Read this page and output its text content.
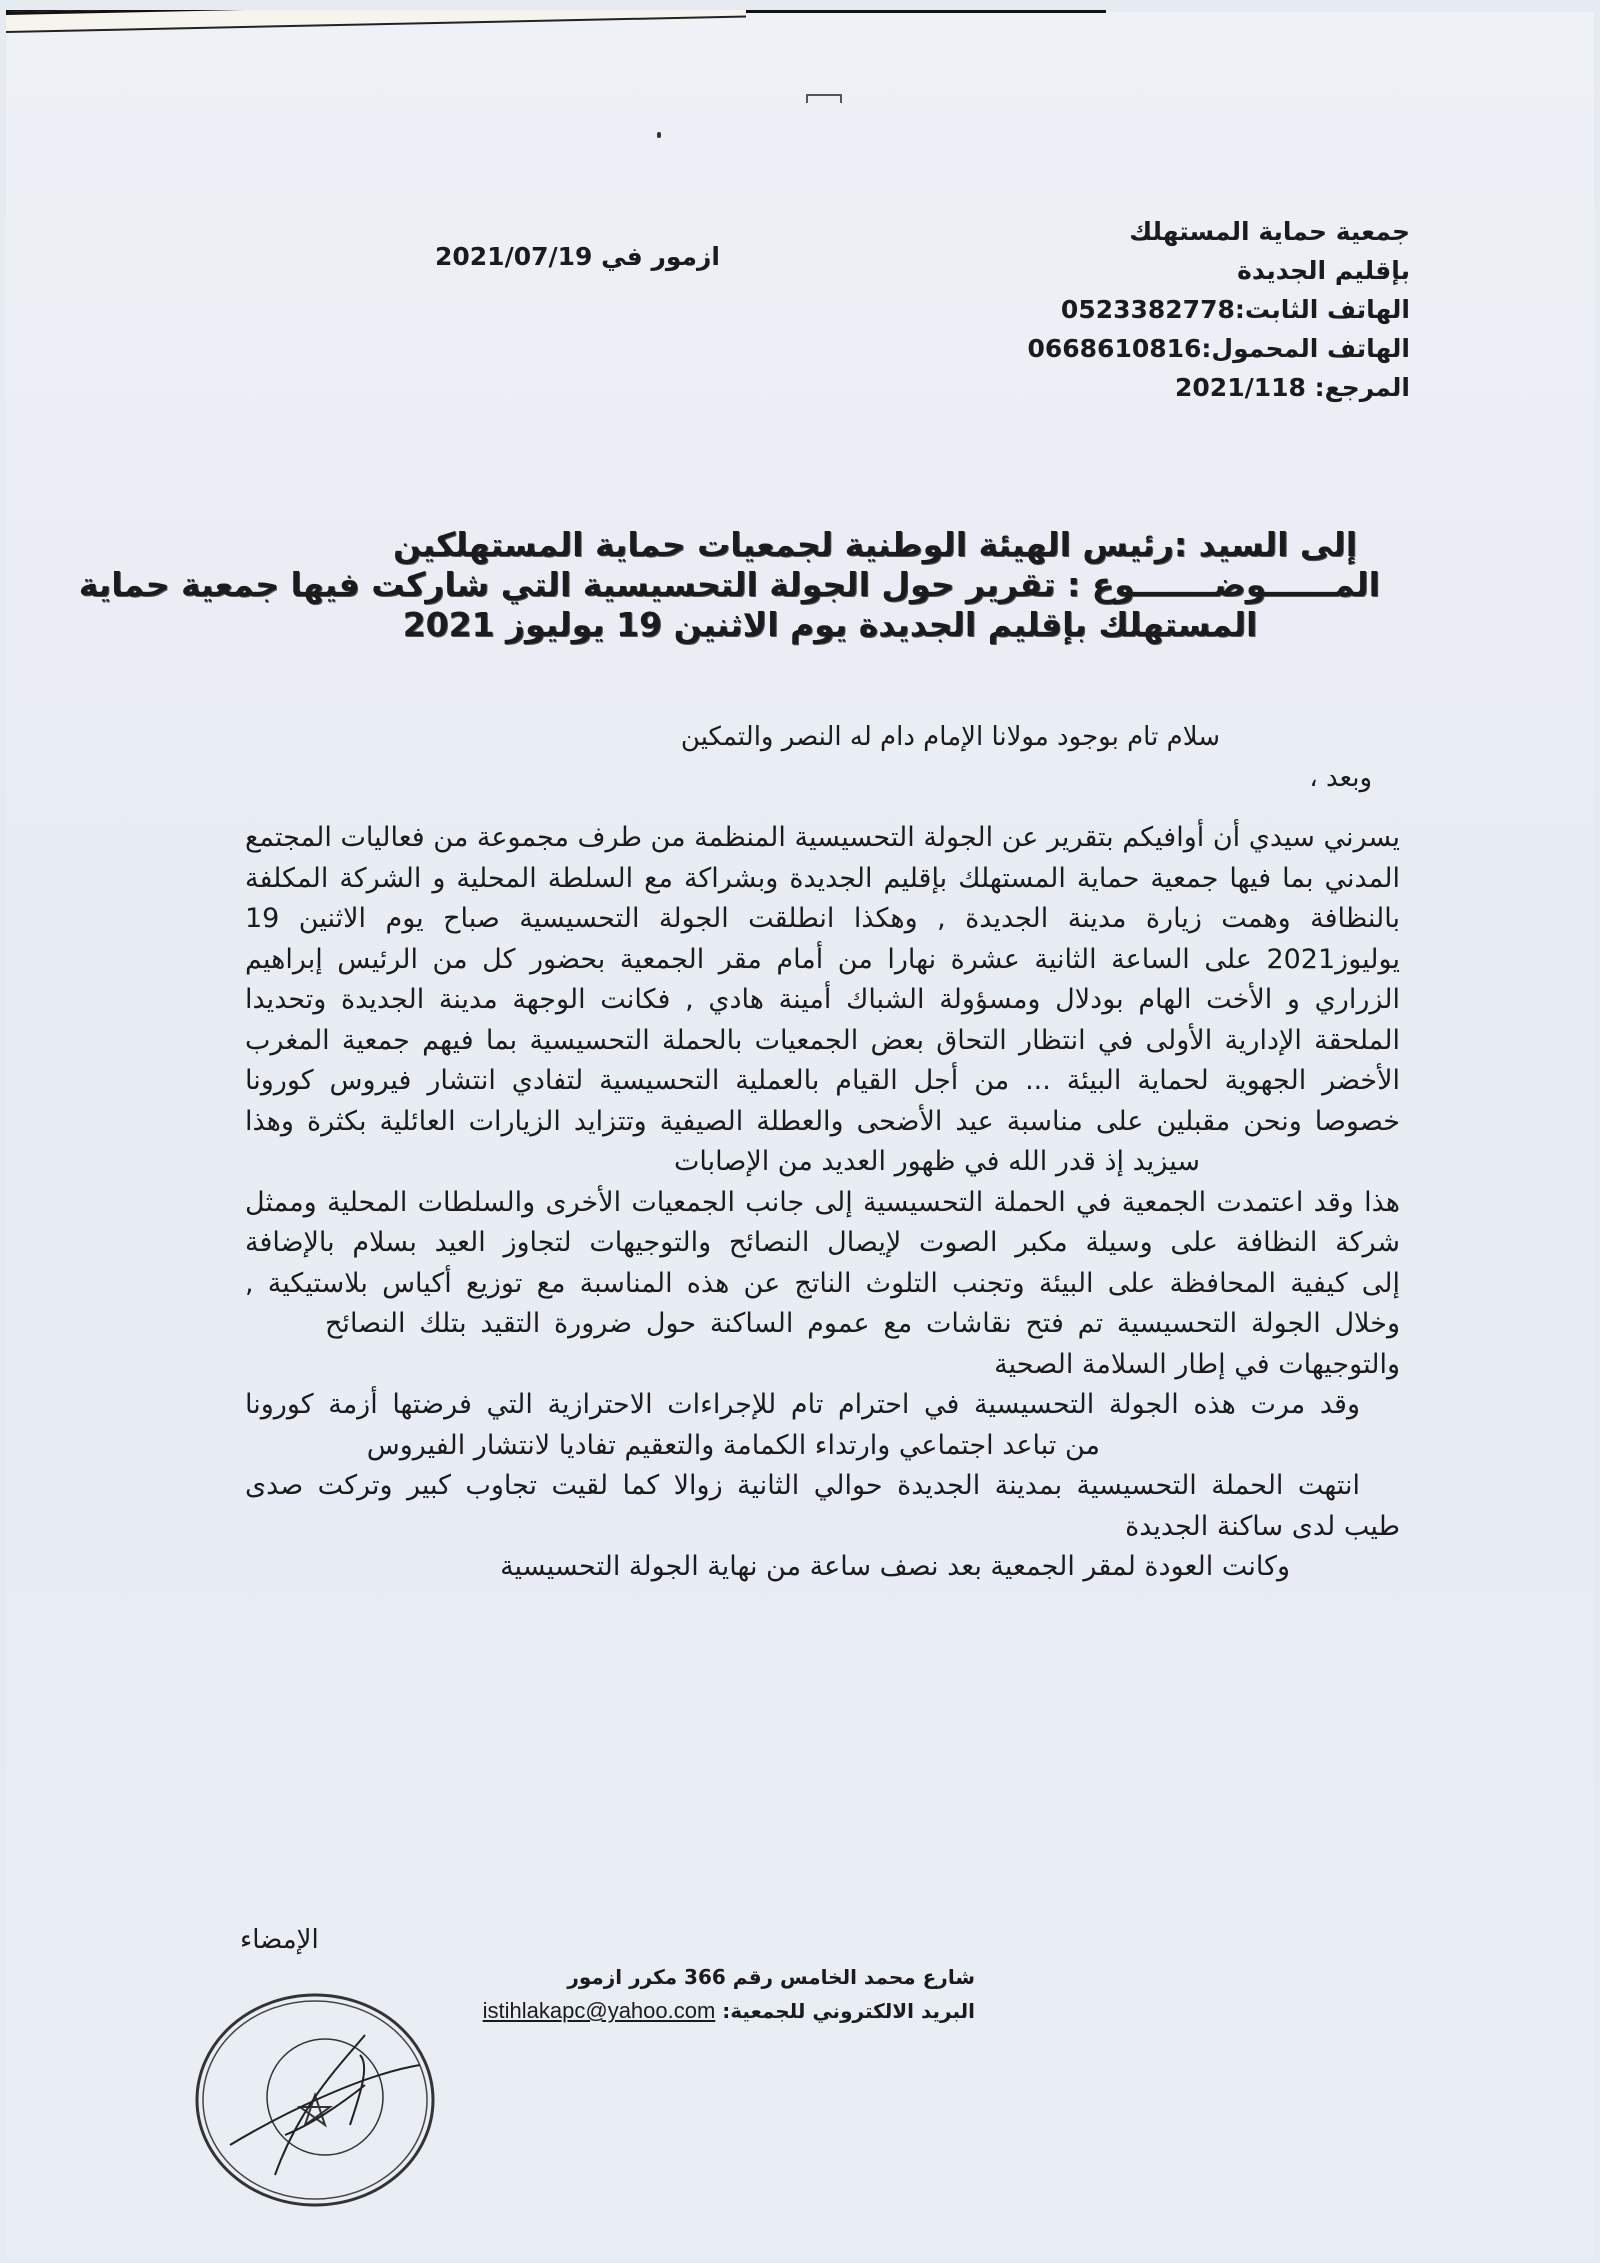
جمعية حماية المستهلك
بإقليم الجديدة
الهاتف الثابت:0523382778
الهاتف المحمول:0668610816
المرجع: 2021/118
ازمور في 2021/07/19
إلى السيد :رئيس الهيئة الوطنية لجمعيات حماية المستهلكين
المــــــوضـــــــوع : تقرير حول الجولة التحسيسية التي شاركت فيها جمعية حماية
المستهلك بإقليم الجديدة يوم الاثنين 19 يوليوز 2021
سلام تام بوجود مولانا الإمام دام له النصر والتمكين
وبعد ،
يسرني سيدي أن أوافيكم بتقرير عن الجولة التحسيسية المنظمة من طرف مجموعة من فعاليات المجتمع
المدني بما فيها جمعية حماية المستهلك بإقليم الجديدة وبشراكة مع السلطة المحلية و الشركة المكلفة
بالنظافة وهمت زيارة مدينة الجديدة , وهكذا انطلقت الجولة التحسيسية صباح يوم الاثنين 19
يوليوز2021 على الساعة الثانية عشرة نهارا من أمام مقر الجمعية بحضور كل من الرئيس إبراهيم
الزراري و الأخت الهام بودلال ومسؤولة الشباك أمينة هادي , فكانت الوجهة مدينة الجديدة وتحديدا
الملحقة الإدارية الأولى في انتظار التحاق بعض الجمعيات بالحملة التحسيسية بما فيهم جمعية المغرب
الأخضر الجهوية لحماية البيئة ... من أجل القيام بالعملية التحسيسية لتفادي انتشار فيروس كورونا
خصوصا ونحن مقبلين على مناسبة عيد الأضحى والعطلة الصيفية وتتزايد الزيارات العائلية بكثرة وهذا
سيزيد إذ قدر الله في ظهور العديد من الإصابات
هذا وقد اعتمدت الجمعية في الحملة التحسيسية إلى جانب الجمعيات الأخرى والسلطات المحلية وممثل
شركة النظافة على وسيلة مكبر الصوت لإيصال النصائح والتوجيهات لتجاوز العيد بسلام بالإضافة
إلى كيفية المحافظة على البيئة وتجنب التلوث الناتج عن هذه المناسبة مع توزيع أكياس بلاستيكية ,
وخلال الجولة التحسيسية تم فتح نقاشات مع عموم الساكنة حول ضرورة التقيد بتلك النصائح
والتوجيهات في إطار السلامة الصحية
وقد مرت هذه الجولة التحسيسية في احترام تام للإجراءات الاحترازية التي فرضتها أزمة كورونا
من تباعد اجتماعي وارتداء الكمامة والتعقيم تفاديا لانتشار الفيروس
انتهت الحملة التحسيسية بمدينة الجديدة حوالي الثانية زوالا كما لقيت تجاوب كبير وتركت صدى
طيب لدى ساكنة الجديدة
وكانت العودة لمقر الجمعية بعد نصف ساعة من نهاية الجولة التحسيسية
الإمضاء
شارع محمد الخامس رقم 366 مكرر ازمور
البريد الالكتروني للجمعية: istihlakapc@yahoo.com
